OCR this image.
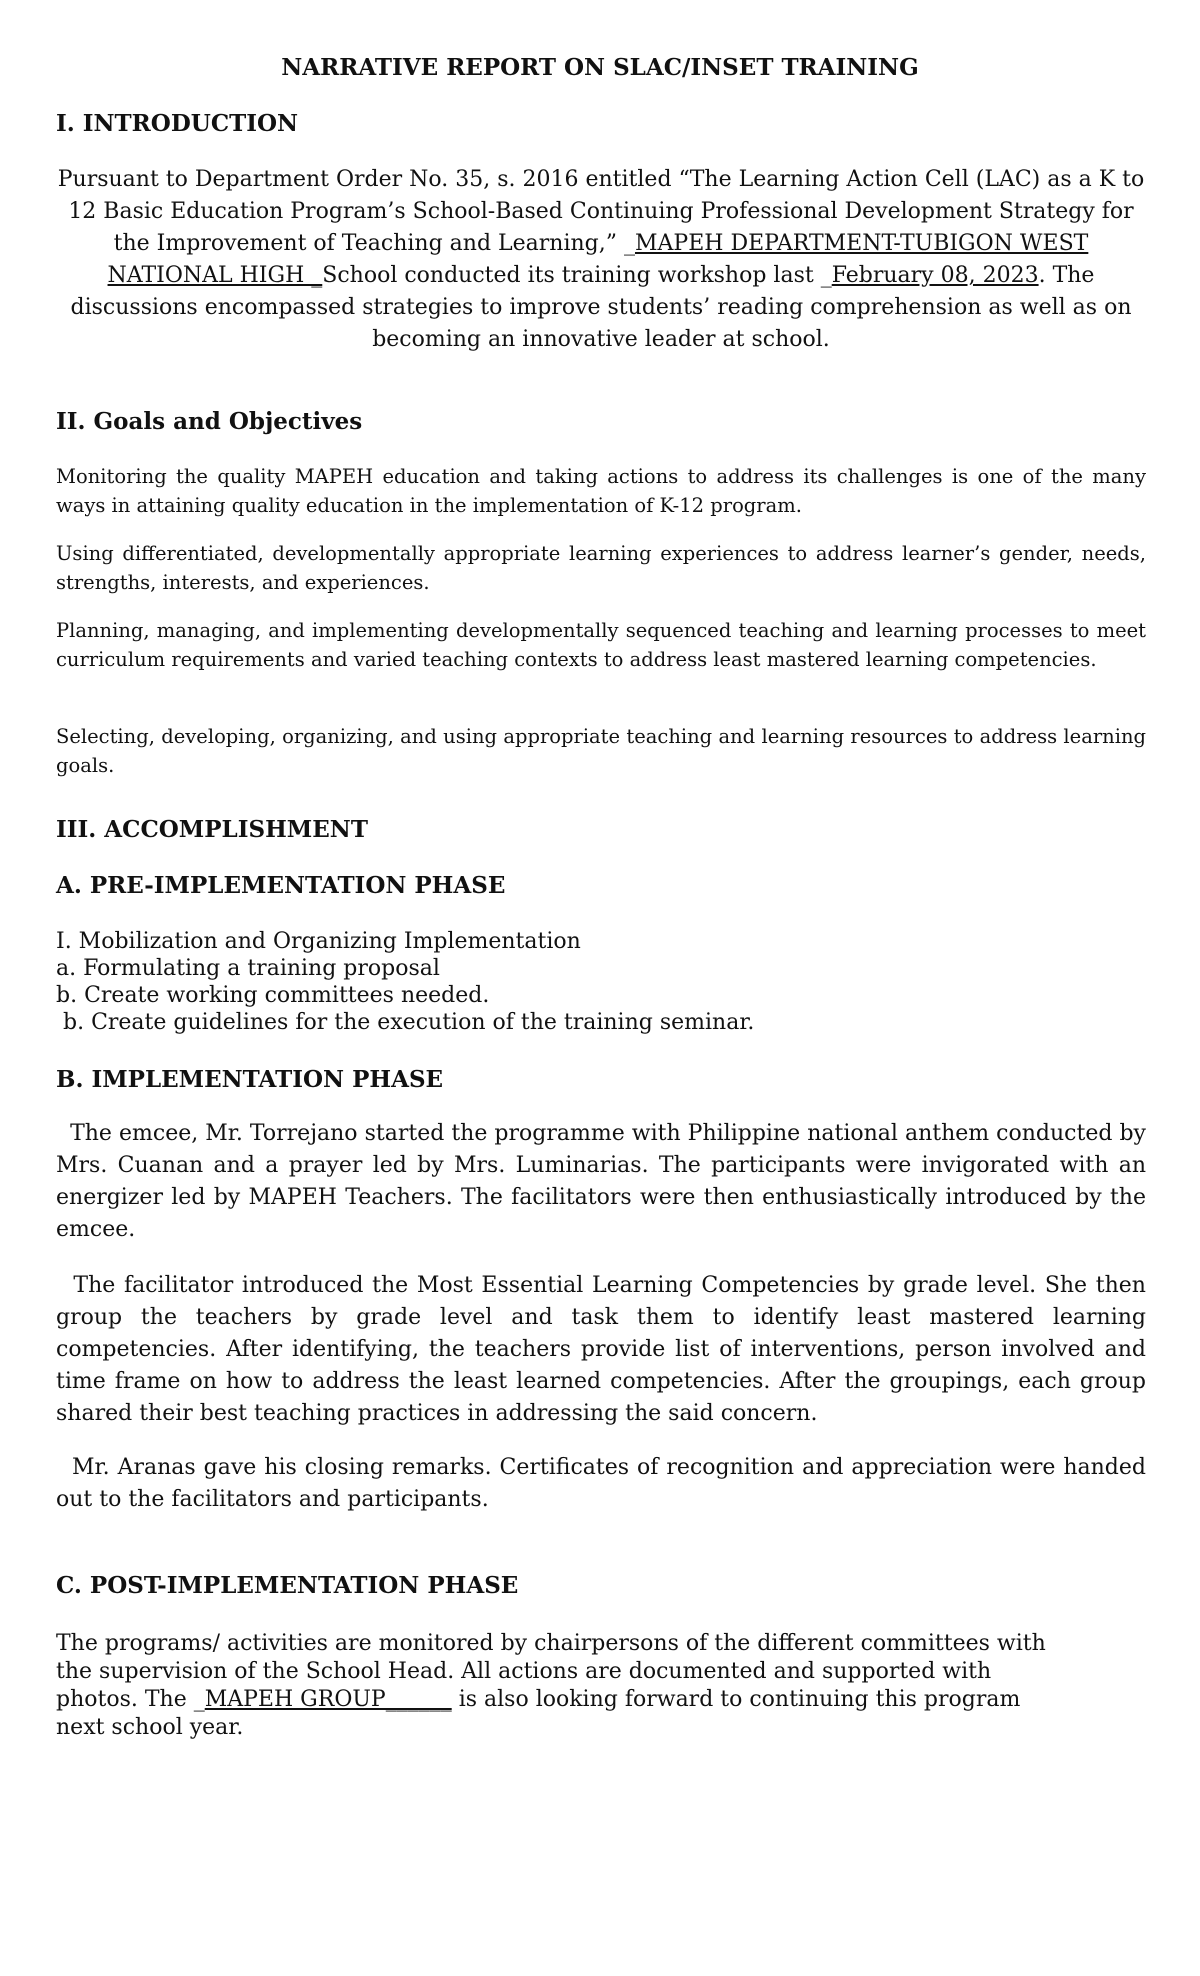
NARRATIVE REPORT ON SLAC/INSET TRAINING
I. INTRODUCTION
Pursuant to Department Order No. 35, s. 2016 entitled “The Learning Action Cell (LAC) as a K to 12 Basic Education Program’s School-Based Continuing Professional Development Strategy for the Improvement of Teaching and Learning,” _MAPEH DEPARTMENT-TUBIGON WEST NATIONAL HIGH _School conducted its training workshop last _February 08, 2023. The discussions encompassed strategies to improve students’ reading comprehension as well as on becoming an innovative leader at school.
II. Goals and Objectives
Monitoring the quality MAPEH education and taking actions to address its challenges is one of the many ways in attaining quality education in the implementation of K-12 program.
Using differentiated, developmentally appropriate learning experiences to address learner’s gender, needs, strengths, interests, and experiences.
Planning, managing, and implementing developmentally sequenced teaching and learning processes to meet curriculum requirements and varied teaching contexts to address least mastered learning competencies.
Selecting, developing, organizing, and using appropriate teaching and learning resources to address learning goals.
III. ACCOMPLISHMENT
A. PRE-IMPLEMENTATION PHASE
I. Mobilization and Organizing Implementation
a. Formulating a training proposal
b. Create working committees needed.
b. Create guidelines for the execution of the training seminar.
B. IMPLEMENTATION PHASE
The emcee, Mr. Torrejano started the programme with Philippine national anthem conducted by Mrs. Cuanan and a prayer led by Mrs. Luminarias. The participants were invigorated with an energizer led by MAPEH Teachers. The facilitators were then enthusiastically introduced by the emcee.
The facilitator introduced the Most Essential Learning Competencies by grade level. She then group the teachers by grade level and task them to identify least mastered learning competencies. After identifying, the teachers provide list of interventions, person involved and time frame on how to address the least learned competencies. After the groupings, each group shared their best teaching practices in addressing the said concern.
Mr. Aranas gave his closing remarks. Certificates of recognition and appreciation were handed out to the facilitators and participants.
C. POST-IMPLEMENTATION PHASE
The programs/ activities are monitored by chairpersons of the different committees with
the supervision of the School Head. All actions are documented and supported with
photos. The _MAPEH GROUP______ is also looking forward to continuing this program
next school year.
